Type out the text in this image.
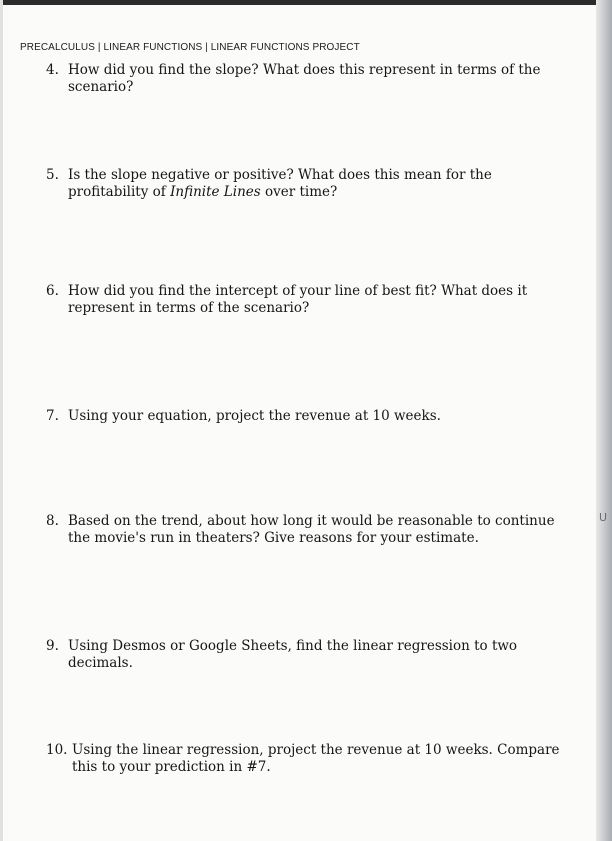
U
PRECALCULUS | LINEAR FUNCTIONS | LINEAR FUNCTIONS PROJECT
4. How did you find the slope? What does this represent in terms of the scenario?
5. Is the slope negative or positive? What does this mean for the profitability of Infinite Lines over time?
6. How did you find the intercept of your line of best fit? What does it represent in terms of the scenario?
7. Using your equation, project the revenue at 10 weeks.
8. Based on the trend, about how long it would be reasonable to continue the movie's run in theaters? Give reasons for your estimate.
9. Using Desmos or Google Sheets, find the linear regression to two decimals.
10. Using the linear regression, project the revenue at 10 weeks. Compare this to your prediction in #7.
